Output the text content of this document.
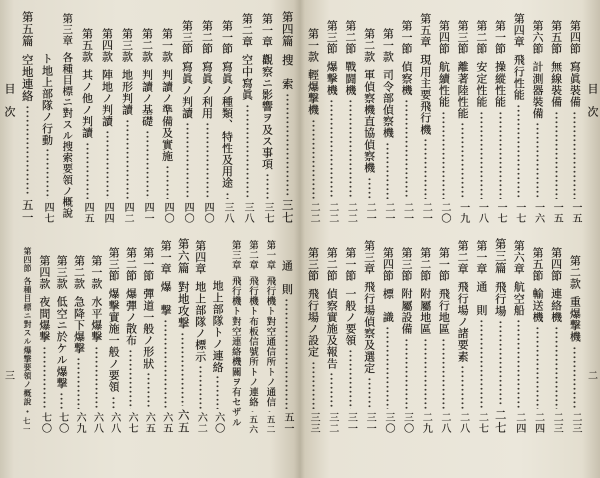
目次
三
第四篇
搜　索
三七
第一章
觀察ニ影響ヲ及ス事項
三七
第二章
空中寫眞
三八
第一節
寫眞ノ種類、特性及用途
三八
第二節
寫眞ノ利用
四〇
第三節
寫眞ノ判讀
四〇
第一款
判讀ノ準備及實施
四〇
第二款
判讀ノ基礎
四一
第三款
地形判讀
四二
第四款
陣地ノ判讀
四四
第五款
其ノ他ノ判讀
四五
第三章
各種目標ニ對スル搜索要領ノ概說
ト地上部隊ノ行動
四七
第五篇
空地連絡
五一
通　則
五一
第一章
飛行機ト對空通信所トノ通信
五二
第二章
飛行機ト布板信號所トノ連絡
五六
第三章
飛行機ト對空連絡機關ヲ有セザル
地上部隊トノ連絡
六〇
第四章
地上部隊ノ標示
六二
第六篇
對地攻撃
六五
第一章
爆　撃
六五
第一節
彈道一般ノ形狀
六五
第二節
爆彈ノ散布
六七
第三節
爆撃實施一般ノ要領
六八
第一款
水平爆撃
六八
第二款
急降下爆撃
六九
第三款
低空ニ於ケル爆撃
七〇
第四款
夜間爆撃
七〇
第四節
各種目標ニ對スル爆撃要領ノ概說
七一
目次
二
第四節
寫眞裝備
一五
第五節
無線裝備
一五
第六節
計測器裝備
一六
第四章
飛行性能
一七
第一節
操縱性能
一七
第二節
安定性能
一八
第三節
離著陸性能
一九
第四節
航續性能
二〇
第五章
現用主要飛行機
二一
第一節
偵察機
二一
第一款
司令部偵察機
二一
第二款
軍偵察機直協偵察機
二一
第二節
戰闘機
二二
第三節
爆撃機
二二
第一款
輕爆撃機
二二
第二款
重爆撃機
二三
第四節
連絡機
二三
第五節
輸送機
二四
第六章
航空船
二四
第三篇
飛行場
二七
第一章
通　則
二七
第二章
飛行場ノ諸要素
二八
第一節
飛行地區
二八
第二節
附屬地區
二九
第三節
附屬設備
三〇
第四節
標　識
三〇
第三章
飛行場偵察及選定
三一
第一節
一般ノ要領
三一
第二節
偵察實施及報告
三二
第三節
飛行場ノ設定
三三
